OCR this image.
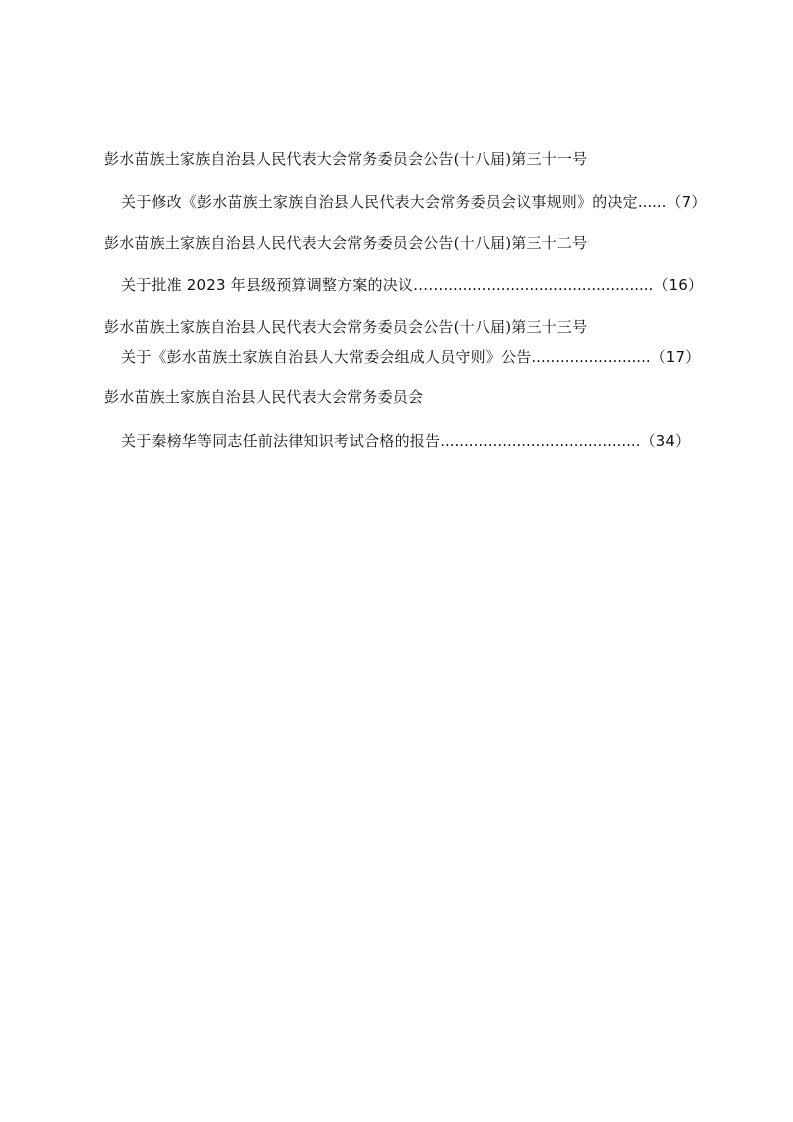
彭水苗族土家族自治县人民代表大会常务委员会公告(十八届)第三十一号
关于修改《彭水苗族土家族自治县人民代表大会常务委员会议事规则》的决定......（7）
彭水苗族土家族自治县人民代表大会常务委员会公告(十八届)第三十二号
关于批准 2023 年县级预算调整方案的决议……............................................（16）
彭水苗族土家族自治县人民代表大会常务委员会公告(十八届)第三十三号
关于《彭水苗族土家族自治县人大常委会组成人员守则》公告.........................（17）
彭水苗族土家族自治县人民代表大会常务委员会
关于秦榜华等同志任前法律知识考试合格的报告..........................................（34）
